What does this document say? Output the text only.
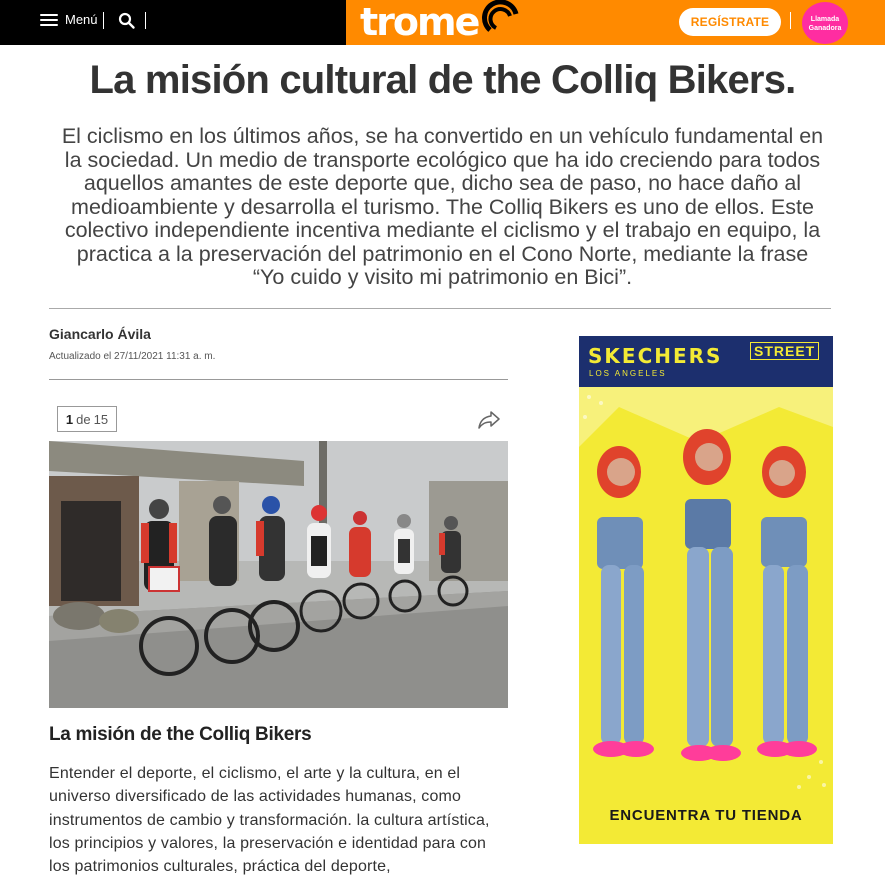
Menú	trome	REGÍSTRATE	Llamada
Ganadora
La misión cultural de the Colliq Bikers.

El ciclismo en los últimos años, se ha convertido en un vehículo fundamental en la sociedad. Un medio de transporte ecológico que ha ido creciendo para todos aquellos amantes de este deporte que, dicho sea de paso, no hace daño al medioambiente y desarrolla el turismo. The Colliq Bikers es uno de ellos. Este colectivo independiente incentiva mediante el ciclismo y el trabajo en equipo, la practica a la preservación del patrimonio en el Cono Norte, mediante la frase “Yo cuido y visito mi patrimonio en Bici”.

Giancarlo Ávila
Actualizado el 27/11/2021 11:31 a. m.
1 de 15
La misión de the Colliq Bikers

Entender el deporte, el ciclismo, el arte y la cultura, en el universo diversificado de las actividades humanas, como instrumentos de cambio y transformación. la cultura artística, los principios y valores, la preservación e identidad para con los patrimonios culturales, práctica del deporte,

SKECHERS STREET
LOS ANGELES
ENCUENTRA TU TIENDA
